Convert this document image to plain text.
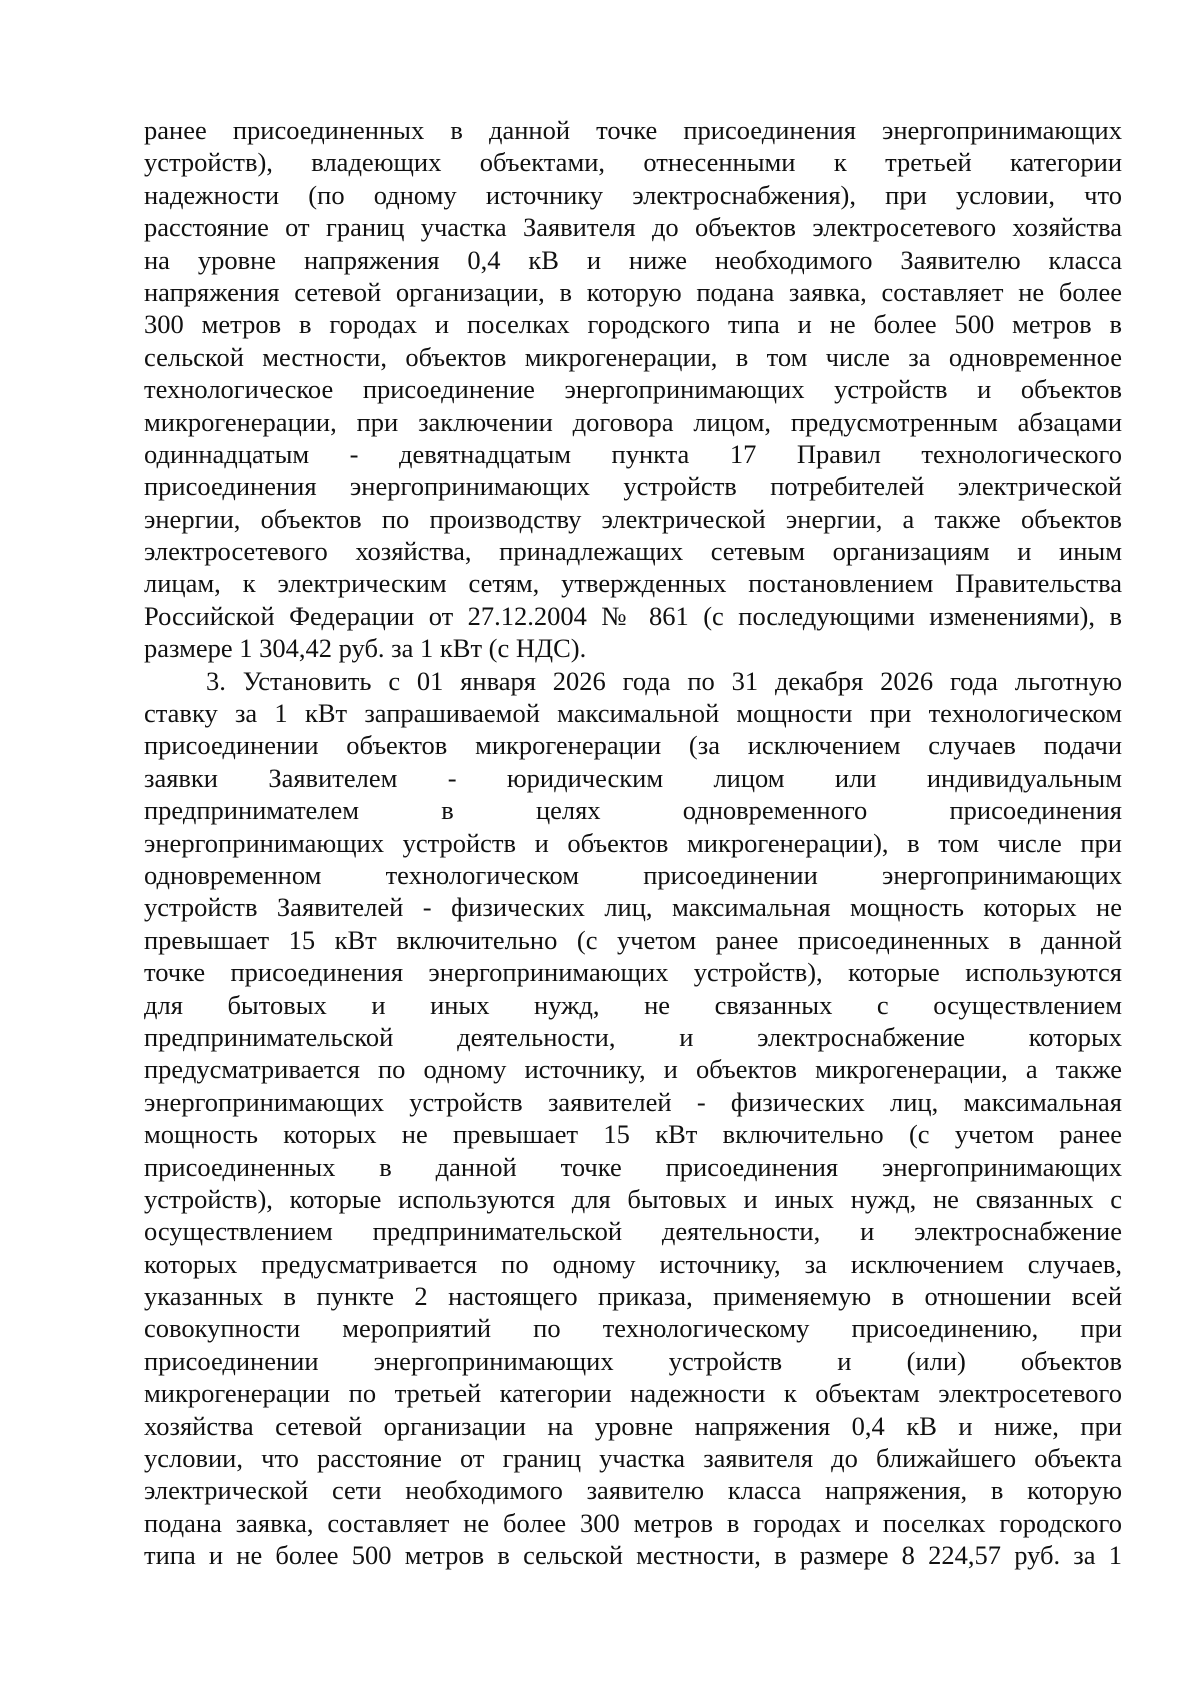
ранее присоединенных в данной точке присоединения энергопринимающих
устройств), владеющих объектами, отнесенными к третьей категории
надежности (по одному источнику электроснабжения), при условии, что
расстояние от границ участка Заявителя до объектов электросетевого хозяйства
на уровне напряжения 0,4 кВ и ниже необходимого Заявителю класса
напряжения сетевой организации, в которую подана заявка, составляет не более
300 метров в городах и поселках городского типа и не более 500 метров в
сельской местности, объектов микрогенерации, в том числе за одновременное
технологическое присоединение энергопринимающих устройств и объектов
микрогенерации, при заключении договора лицом, предусмотренным абзацами
одиннадцатым - девятнадцатым пункта 17 Правил технологического
присоединения энергопринимающих устройств потребителей электрической
энергии, объектов по производству электрической энергии, а также объектов
электросетевого хозяйства, принадлежащих сетевым организациям и иным
лицам, к электрическим сетям, утвержденных постановлением Правительства
Российской Федерации от 27.12.2004 № 861 (с последующими изменениями), в
размере 1 304,42 руб. за 1 кВт (с НДС).
3. Установить с 01 января 2026 года по 31 декабря 2026 года льготную
ставку за 1 кВт запрашиваемой максимальной мощности при технологическом
присоединении объектов микрогенерации (за исключением случаев подачи
заявки Заявителем - юридическим лицом или индивидуальным
предпринимателем в целях одновременного присоединения
энергопринимающих устройств и объектов микрогенерации), в том числе при
одновременном технологическом присоединении энергопринимающих
устройств Заявителей - физических лиц, максимальная мощность которых не
превышает 15 кВт включительно (с учетом ранее присоединенных в данной
точке присоединения энергопринимающих устройств), которые используются
для бытовых и иных нужд, не связанных с осуществлением
предпринимательской деятельности, и электроснабжение которых
предусматривается по одному источнику, и объектов микрогенерации, а также
энергопринимающих устройств заявителей - физических лиц, максимальная
мощность которых не превышает 15 кВт включительно (с учетом ранее
присоединенных в данной точке присоединения энергопринимающих
устройств), которые используются для бытовых и иных нужд, не связанных с
осуществлением предпринимательской деятельности, и электроснабжение
которых предусматривается по одному источнику, за исключением случаев,
указанных в пункте 2 настоящего приказа, применяемую в отношении всей
совокупности мероприятий по технологическому присоединению, при
присоединении энергопринимающих устройств и (или) объектов
микрогенерации по третьей категории надежности к объектам электросетевого
хозяйства сетевой организации на уровне напряжения 0,4 кВ и ниже, при
условии, что расстояние от границ участка заявителя до ближайшего объекта
электрической сети необходимого заявителю класса напряжения, в которую
подана заявка, составляет не более 300 метров в городах и поселках городского
типа и не более 500 метров в сельской местности, в размере 8 224,57 руб. за 1
